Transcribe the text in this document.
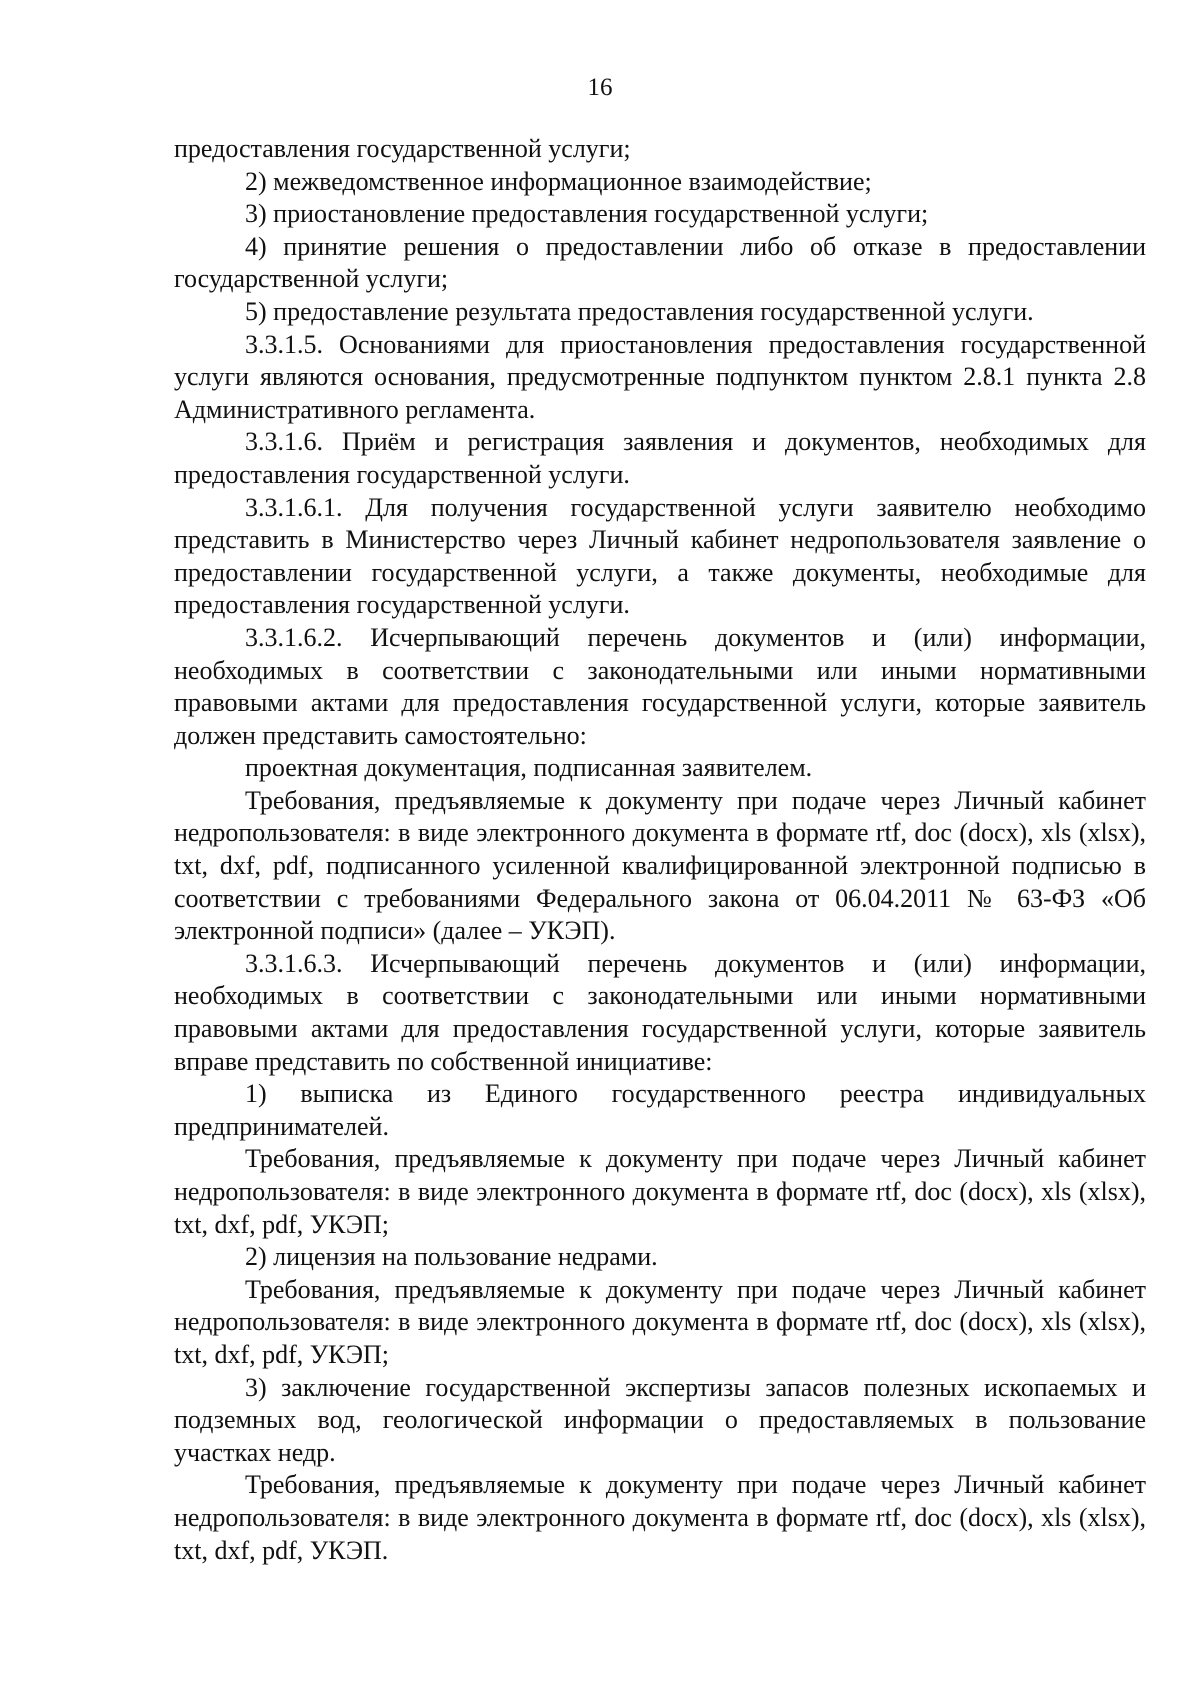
16

предоставления государственной услуги;

2) межведомственное информационное взаимодействие;

3) приостановление предоставления государственной услуги;

4) принятие решения о предоставлении либо об отказе в предоставлении государственной услуги;

5) предоставление результата предоставления государственной услуги.

3.3.1.5. Основаниями для приостановления предоставления государственной услуги являются основания, предусмотренные подпунктом пунктом 2.8.1 пункта 2.8 Административного регламента.

3.3.1.6. Приём и регистрация заявления и документов, необходимых для предоставления государственной услуги.

3.3.1.6.1. Для получения государственной услуги заявителю необходимо представить в Министерство через Личный кабинет недропользователя заявление о предоставлении государственной услуги, а также документы, необходимые для предоставления государственной услуги.

3.3.1.6.2. Исчерпывающий перечень документов и (или) информации, необходимых в соответствии с законодательными или иными нормативными правовыми актами для предоставления государственной услуги, которые заявитель должен представить самостоятельно:

проектная документация, подписанная заявителем.

Требования, предъявляемые к документу при подаче через Личный кабинет недропользователя: в виде электронного документа в формате rtf, doc (docx), xls (xlsx), txt, dxf, pdf, подписанного усиленной квалифицированной электронной подписью в соответствии с требованиями Федерального закона от 06.04.2011 № 63-ФЗ «Об электронной подписи» (далее – УКЭП).

3.3.1.6.3. Исчерпывающий перечень документов и (или) информации, необходимых в соответствии с законодательными или иными нормативными правовыми актами для предоставления государственной услуги, которые заявитель вправе представить по собственной инициативе:

1) выписка из Единого государственного реестра индивидуальных предпринимателей.

Требования, предъявляемые к документу при подаче через Личный кабинет недропользователя: в виде электронного документа в формате rtf, doc (docx), xls (xlsx), txt, dxf, pdf, УКЭП;

2) лицензия на пользование недрами.

Требования, предъявляемые к документу при подаче через Личный кабинет недропользователя: в виде электронного документа в формате rtf, doc (docx), xls (xlsx), txt, dxf, pdf, УКЭП;

3) заключение государственной экспертизы запасов полезных ископаемых и подземных вод, геологической информации о предоставляемых в пользование участках недр.

Требования, предъявляемые к документу при подаче через Личный кабинет недропользователя: в виде электронного документа в формате rtf, doc (docx), xls (xlsx), txt, dxf, pdf, УКЭП.
